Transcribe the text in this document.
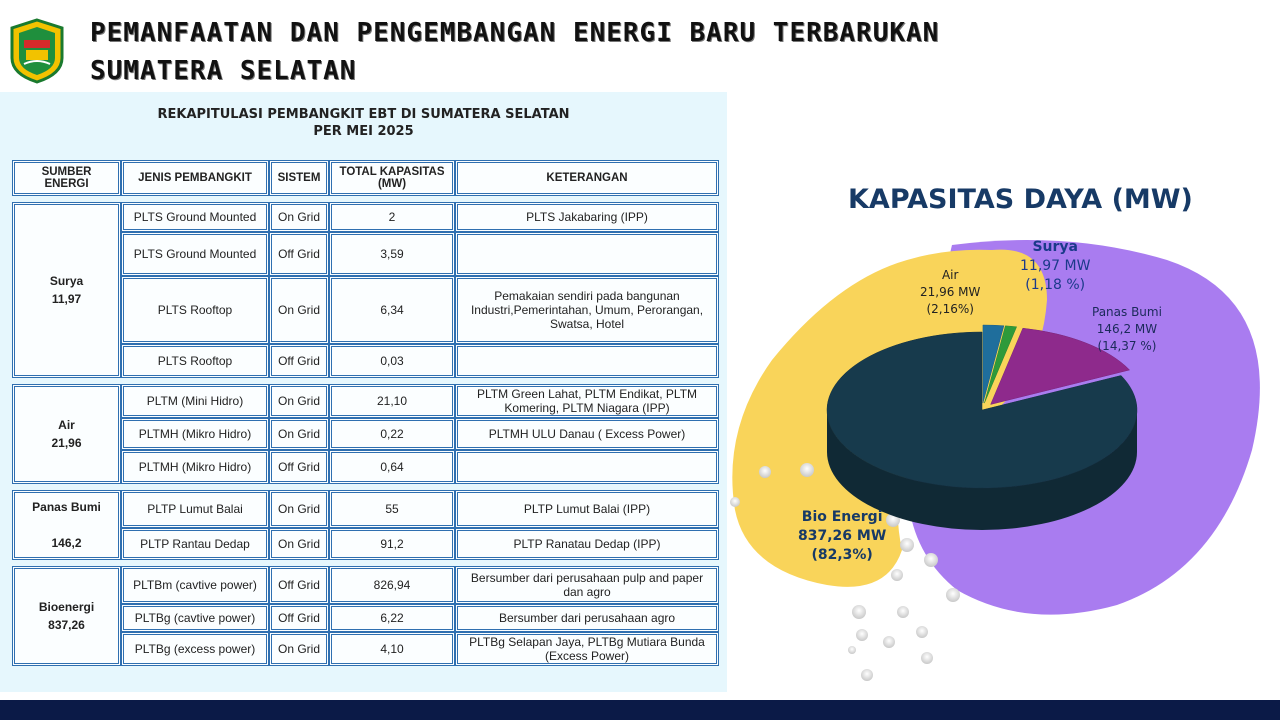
PEMANFAATAN DAN PENGEMBANGAN ENERGI BARU TERBARUKAN
SUMATERA SELATAN
REKAPITULASI PEMBANGKIT EBT DI SUMATERA SELATAN
PER MEI 2025
SUMBER ENERGI	JENIS PEMBANGKIT	SISTEM	TOTAL KAPASITAS (MW)	KETERANGAN

Surya
11,97	PLTS Ground Mounted	On Grid	2	PLTS Jakabaring (IPP)
	PLTS Ground Mounted	Off Grid	3,59	
	PLTS Rooftop	On Grid	6,34	Pemakaian sendiri pada bangunan Industri,Pemerintahan, Umum, Perorangan, Swatsa, Hotel
	PLTS Rooftop	Off Grid	0,03	

Air
21,96	PLTM (Mini Hidro)	On Grid	21,10	PLTM Green Lahat, PLTM Endikat, PLTM Komering, PLTM Niagara (IPP)
	PLTMH (Mikro Hidro)	On Grid	0,22	PLTMH ULU Danau ( Excess Power)
	PLTMH (Mikro Hidro)	Off Grid	0,64	

Panas Bumi
146,2	PLTP Lumut Balai	On Grid	55	PLTP Lumut Balai (IPP)
	PLTP Rantau Dedap	On Grid	91,2	PLTP Ranatau Dedap (IPP)

Bioenergi
837,26	PLTBm (cavtive power)	Off Grid	826,94	Bersumber dari perusahaan pulp and paper dan agro
	PLTBg (cavtive power)	Off Grid	6,22	Bersumber dari perusahaan agro
	PLTBg (excess power)	On Grid	4,10	PLTBg Selapan Jaya, PLTBg Mutiara Bunda (Excess Power)
KAPASITAS DAYA (MW)
Air
21,96 MW
(2,16%)
Surya
11,97 MW
(1,18 %)
Panas Bumi
146,2 MW
(14,37 %)
Bio Energi
837,26 MW
(82,3%)
